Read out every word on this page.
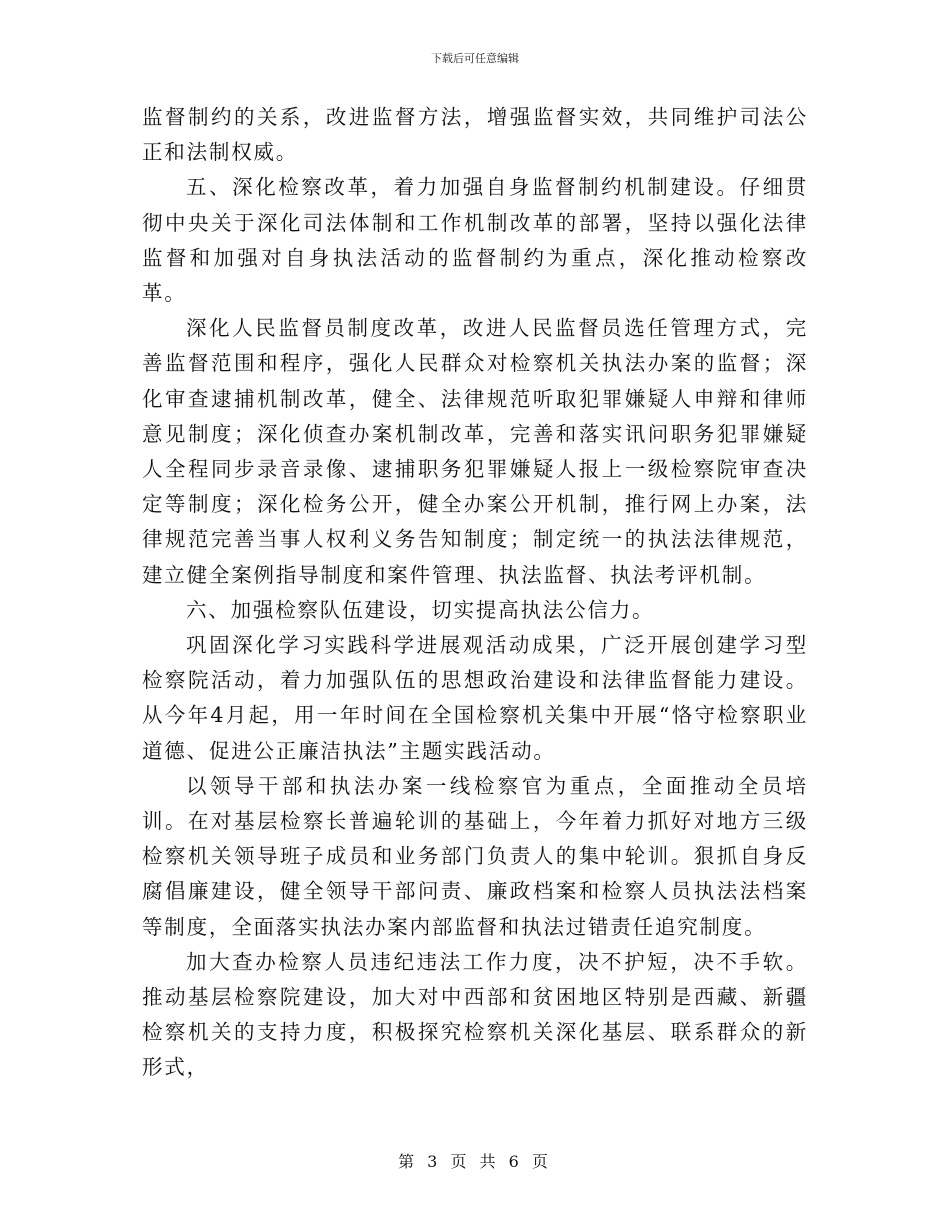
下载后可任意编辑

监督制约的关系，改进监督方法，增强监督实效，共同维护司法公正和法制权威。

五、深化检察改革，着力加强自身监督制约机制建设。仔细贯彻中央关于深化司法体制和工作机制改革的部署，坚持以强化法律监督和加强对自身执法活动的监督制约为重点，深化推动检察改革。

深化人民监督员制度改革，改进人民监督员选任管理方式，完善监督范围和程序，强化人民群众对检察机关执法办案的监督；深化审查逮捕机制改革，健全、法律规范听取犯罪嫌疑人申辩和律师意见制度；深化侦查办案机制改革，完善和落实讯问职务犯罪嫌疑人全程同步录音录像、逮捕职务犯罪嫌疑人报上一级检察院审查决定等制度；深化检务公开，健全办案公开机制，推行网上办案，法律规范完善当事人权利义务告知制度；制定统一的执法法律规范，建立健全案例指导制度和案件管理、执法监督、执法考评机制。

六、加强检察队伍建设，切实提高执法公信力。

巩固深化学习实践科学进展观活动成果，广泛开展创建学习型检察院活动，着力加强队伍的思想政治建设和法律监督能力建设。从今年4月起，用一年时间在全国检察机关集中开展“恪守检察职业道德、促进公正廉洁执法”主题实践活动。

以领导干部和执法办案一线检察官为重点，全面推动全员培训。在对基层检察长普遍轮训的基础上，今年着力抓好对地方三级检察机关领导班子成员和业务部门负责人的集中轮训。狠抓自身反腐倡廉建设，健全领导干部问责、廉政档案和检察人员执法法档案等制度，全面落实执法办案内部监督和执法过错责任追究制度。

加大查办检察人员违纪违法工作力度，决不护短，决不手软。推动基层检察院建设，加大对中西部和贫困地区特别是西藏、新疆检察机关的支持力度，积极探究检察机关深化基层、联系群众的新形式，

第 3 页 共 6 页
